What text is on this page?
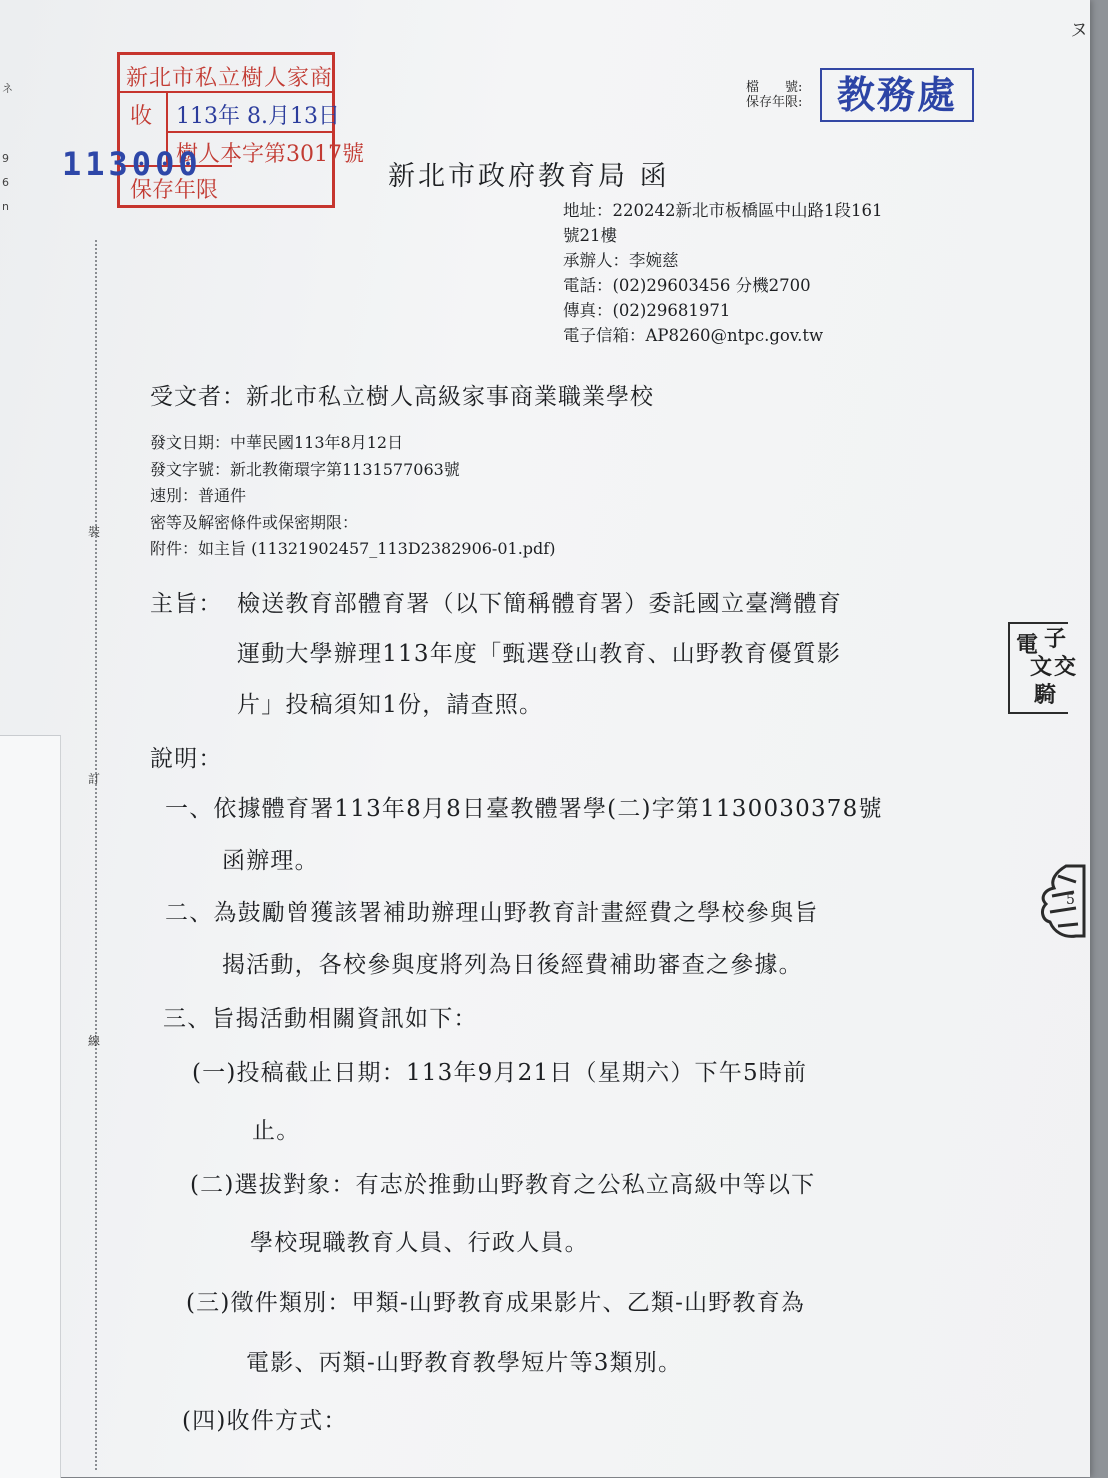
ネ
9
6
n
裝
訂
線
新北市私立樹人家商
收	113年 8.月13日
樹人本字第3017號
保存年限
113000
檔　　號:
保存年限: 教務處
新北市政府教育局 函
地址：220242新北市板橋區中山路1段161
號21樓
承辦人：李婉慈
電話：(02)29603456 分機2700
傳真：(02)29681971
電子信箱：AP8260@ntpc.gov.tw
受文者：新北市私立樹人高級家事商業職業學校
發文日期：中華民國113年8月12日
發文字號：新北教衛環字第1131577063號
速別：普通件
密等及解密條件或保密期限：
附件：如主旨 (11321902457_113D2382906-01.pdf)
主旨： 檢送教育部體育署（以下簡稱體育署）委託國立臺灣體育
運動大學辦理113年度「甄選登山教育、山野教育優質影
片」投稿須知1份，請查照。
說明：
一、依據體育署113年8月8日臺教體署學(二)字第1130030378號
函辦理。
二、為鼓勵曾獲該署補助辦理山野教育計畫經費之學校參與旨
揭活動，各校參與度將列為日後經費補助審查之參據。
三、旨揭活動相關資訊如下：
(一)投稿截止日期：113年9月21日（星期六）下午5時前
止。
(二)選拔對象：有志於推動山野教育之公私立高級中等以下
學校現職教育人員、行政人員。
(三)徵件類別：甲類-山野教育成果影片、乙類-山野教育為
電影、丙類-山野教育教學短片等3類別。
(四)收件方式：
電 子
文 交
騎
5
ヌ
